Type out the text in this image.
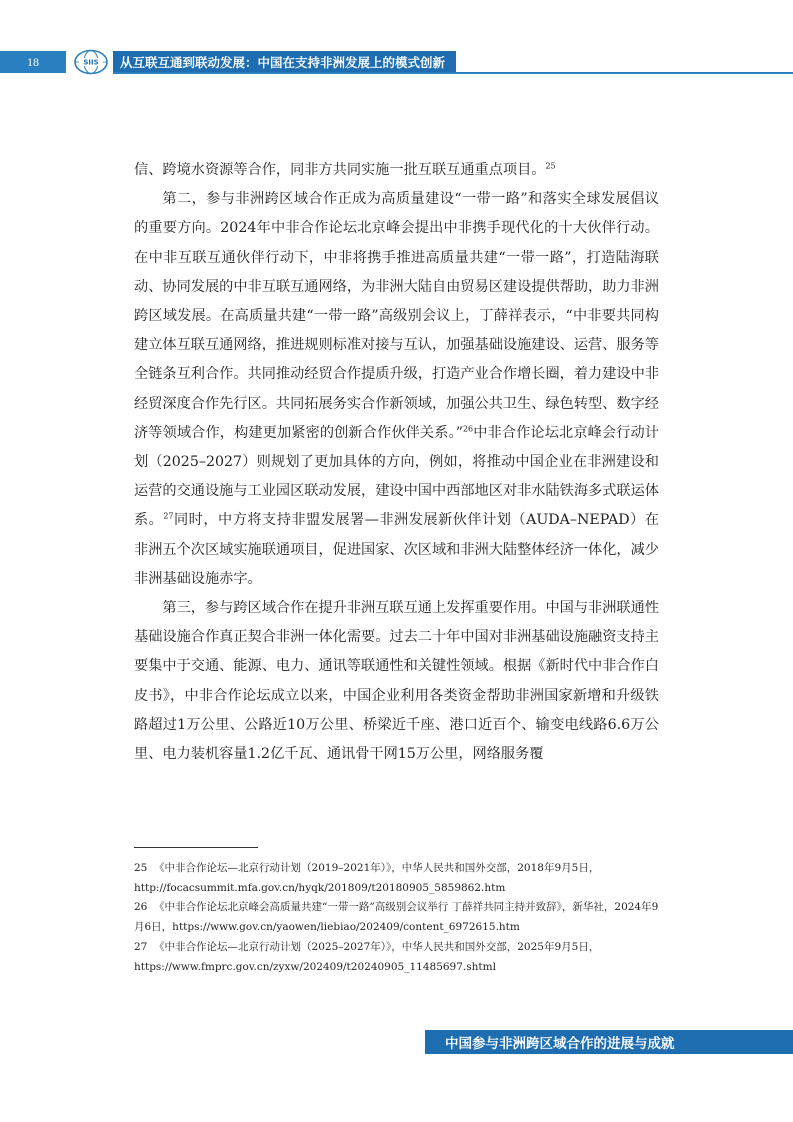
18	SIIS 从互联互通到联动发展：中国在支持非洲发展上的模式创新

信、跨境水资源等合作，同非方共同实施一批互联互通重点项目。$^{25}$

第二，参与非洲跨区域合作正成为高质量建设“一带一路”和落实全球发展倡议的重要方向。2024年中非合作论坛北京峰会提出中非携手现代化的十大伙伴行动。在中非互联互通伙伴行动下，中非将携手推进高质量共建“一带一路”，打造陆海联动、协同发展的中非互联互通网络，为非洲大陆自由贸易区建设提供帮助，助力非洲跨区域发展。在高质量共建“一带一路”高级别会议上，丁薛祥表示，“中非要共同构建立体互联互通网络，推进规则标准对接与互认，加强基础设施建设、运营、服务等全链条互利合作。共同推动经贸合作提质升级，打造产业合作增长圈，着力建设中非经贸深度合作先行区。共同拓展务实合作新领域，加强公共卫生、绿色转型、数字经济等领域合作，构建更加紧密的创新合作伙伴关系。”$^{26}$中非合作论坛北京峰会行动计划（2025–2027）则规划了更加具体的方向，例如，将推动中国企业在非洲建设和运营的交通设施与工业园区联动发展，建设中国中西部地区对非水陆铁海多式联运体系。$^{27}$同时，中方将支持非盟发展署—非洲发展新伙伴计划（AUDA–NEPAD）在非洲五个次区域实施联通项目，促进国家、次区域和非洲大陆整体经济一体化，减少非洲基础设施赤字。

第三，参与跨区域合作在提升非洲互联互通上发挥重要作用。中国与非洲联通性基础设施合作真正契合非洲一体化需要。过去二十年中国对非洲基础设施融资支持主要集中于交通、能源、电力、通讯等联通性和关键性领域。根据《新时代中非合作白皮书》，中非合作论坛成立以来，中国企业利用各类资金帮助非洲国家新增和升级铁路超过1万公里、公路近10万公里、桥梁近千座、港口近百个、输变电线路6.6万公里、电力装机容量1.2亿千瓦、通讯骨干网15万公里，网络服务覆

25 《中非合作论坛—北京行动计划（2019–2021年）》，中华人民共和国外交部，2018年9月5日，http://focacsummit.mfa.gov.cn/hyqk/201809/t20180905_5859862.htm

26 《中非合作论坛北京峰会高质量共建“一带一路”高级别会议举行 丁薛祥共同主持并致辞》，新华社，2024年9月6日，https://www.gov.cn/yaowen/liebiao/202409/content_6972615.htm

27 《中非合作论坛—北京行动计划（2025–2027年）》，中华人民共和国外交部，2025年9月5日，https://www.fmprc.gov.cn/zyxw/202409/t20240905_11485697.shtml

中国参与非洲跨区域合作的进展与成就
